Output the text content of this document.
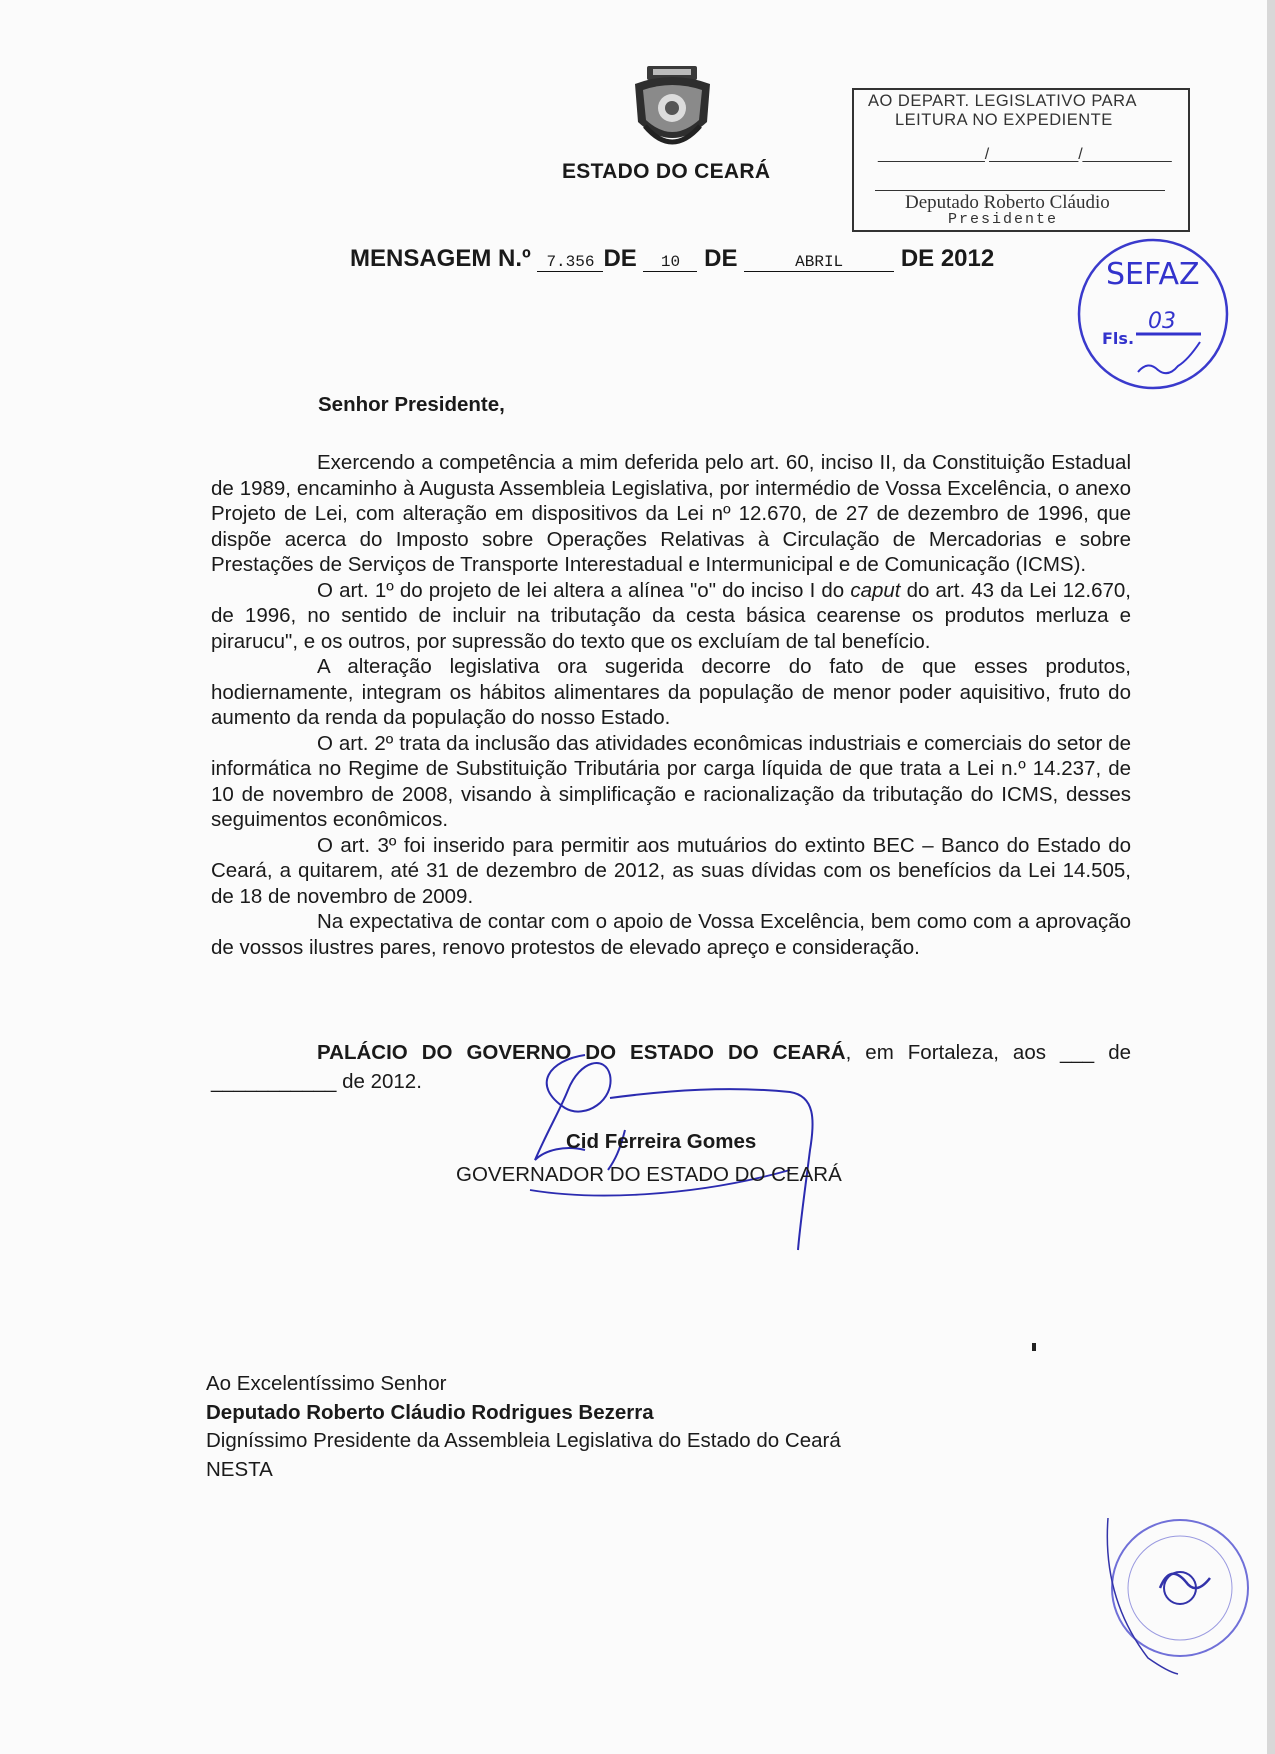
ESTADO DO CEARÁ
AO DEPART. LEGISLATIVO PARA
LEITURA NO EXPEDIENTE
____________/__________/__________
Deputado Roberto Cláudio
Presidente
MENSAGEM N.º 7.356 DE 10 DE	ABRIL DE 2012	SEFAZ
Fls.
03
Senhor Presidente,

Exercendo a competência a mim deferida pelo art. 60, inciso II, da Constituição Estadual de 1989, encaminho à Augusta Assembleia Legislativa, por intermédio de Vossa Excelência, o anexo Projeto de Lei, com alteração em dispositivos da Lei nº 12.670, de 27 de dezembro de 1996, que dispõe acerca do Imposto sobre Operações Relativas à Circulação de Mercadorias e sobre Prestações de Serviços de Transporte Interestadual e Intermunicipal e de Comunicação (ICMS).

O art. 1º do projeto de lei altera a alínea "o" do inciso I do caput do art. 43 da Lei 12.670, de 1996, no sentido de incluir na tributação da cesta básica cearense os produtos merluza e pirarucu", e os outros, por supressão do texto que os excluíam de tal benefício.

A alteração legislativa ora sugerida decorre do fato de que esses produtos, hodiernamente, integram os hábitos alimentares da população de menor poder aquisitivo, fruto do aumento da renda da população do nosso Estado.

O art. 2º trata da inclusão das atividades econômicas industriais e comerciais do setor de informática no Regime de Substituição Tributária por carga líquida de que trata a Lei n.º 14.237, de 10 de novembro de 2008, visando à simplificação e racionalização da tributação do ICMS, desses seguimentos econômicos.

O art. 3º foi inserido para permitir aos mutuários do extinto BEC – Banco do Estado do Ceará, a quitarem, até 31 de dezembro de 2012, as suas dívidas com os benefícios da Lei 14.505, de 18 de novembro de 2009.

Na expectativa de contar com o apoio de Vossa Excelência, bem como com a aprovação de vossos ilustres pares, renovo protestos de elevado apreço e consideração.

PALÁCIO DO GOVERNO DO ESTADO DO CEARÁ, em Fortaleza, aos ___ de ___________ de 2012.

Cid Ferreira Gomes
GOVERNADOR DO ESTADO DO CEARÁ
Ao Excelentíssimo Senhor
Deputado Roberto Cláudio Rodrigues Bezerra
Digníssimo Presidente da Assembleia Legislativa do Estado do Ceará
NESTA
